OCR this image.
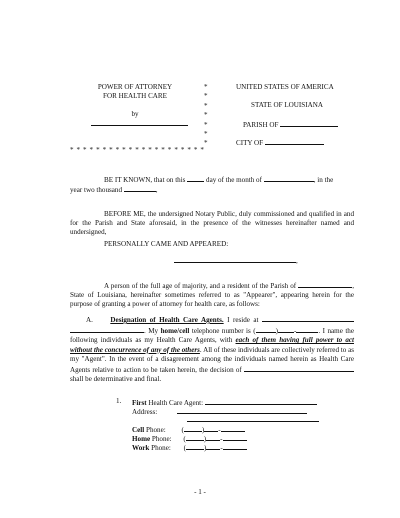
POWER OF ATTORNEY
FOR HEALTH CARE
by
* * * * * * * * * * * * * * * * * * * * *
*
*
*
*
*
*
*
UNITED STATES OF AMERICA
STATE OF LOUISIANA
PARISH OF
CITY OF
BE IT KNOWN, that on this	day of the month of	, in the
year two thousand	,

BEFORE ME, the undersigned Notary Public, duly commissioned and qualified in and for the Parish and State aforesaid, in the presence of the witnesses hereinafter named and undersigned,

PERSONALLY CAME AND APPEARED:
,

A person of the full age of majority, and a resident of the Parish of	, State of Louisiana, hereinafter sometimes referred to as "Appearer", appearing herein for the purpose of granting a power of attorney for health care, as follows:

A. Designation of Health Care Agents. I reside at  . My home/cell telephone number is (	) -	. I name the following individuals as my Health Care Agents, with each of them having full power to act without the concurrence of any of the others. All of these individuals are collectively referred to as my "Agent". In the event of a disagreement among the individuals named herein as Health Care Agents relative to action to be taken herein, the decision of  shall be determinative and final.

1. First Health Care Agent:
Address:
Cell Phone: (	) -
Home Phone: (	) -
Work Phone: (	) -
- 1 -
